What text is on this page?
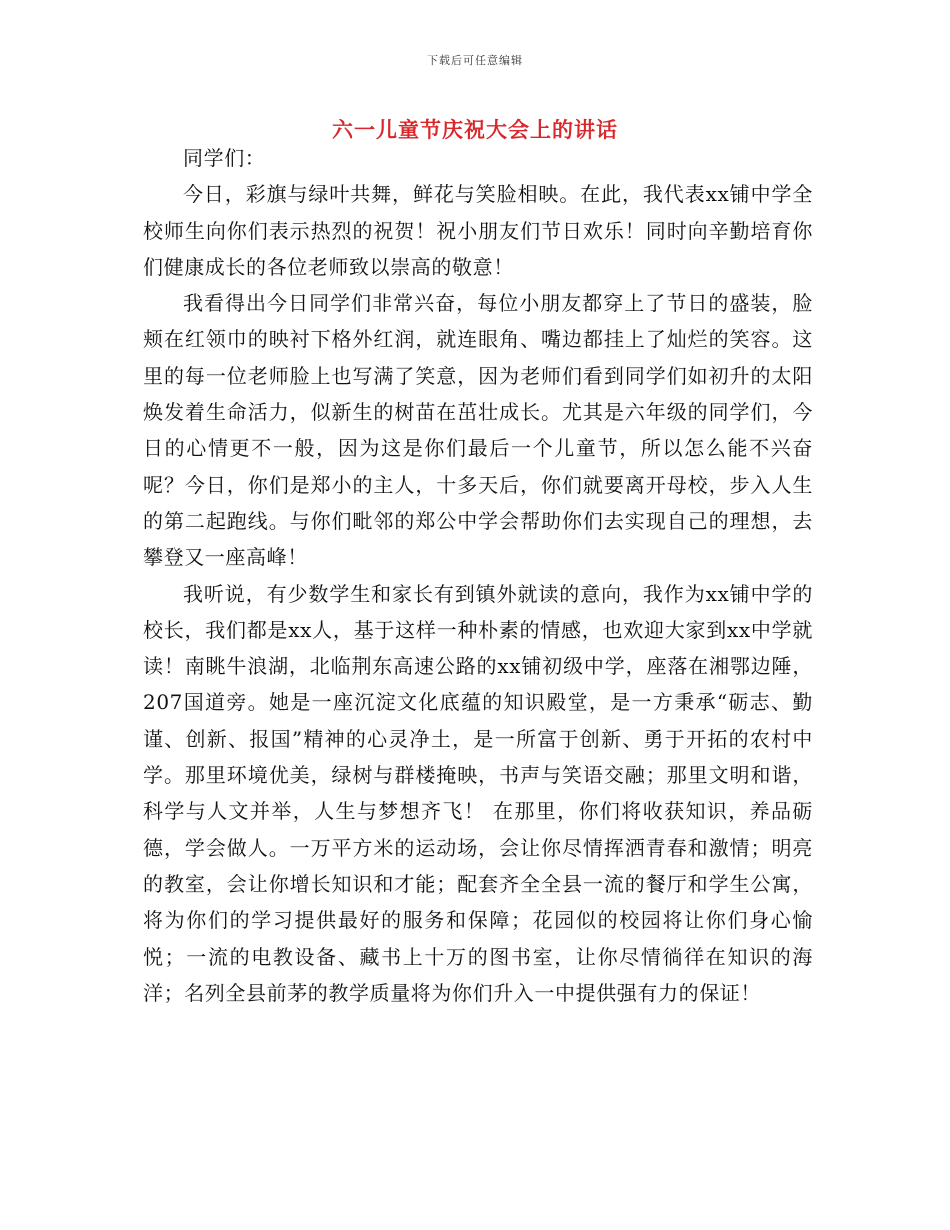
下载后可任意编辑
六一儿童节庆祝大会上的讲话

同学们：

今日，彩旗与绿叶共舞，鲜花与笑脸相映。在此，我代表xx铺中学全校师生向你们表示热烈的祝贺！祝小朋友们节日欢乐！同时向辛勤培育你们健康成长的各位老师致以崇高的敬意！

我看得出今日同学们非常兴奋，每位小朋友都穿上了节日的盛装，脸颊在红领巾的映衬下格外红润，就连眼角、嘴边都挂上了灿烂的笑容。这里的每一位老师脸上也写满了笑意，因为老师们看到同学们如初升的太阳焕发着生命活力，似新生的树苗在茁壮成长。尤其是六年级的同学们，今日的心情更不一般，因为这是你们最后一个儿童节，所以怎么能不兴奋呢？今日，你们是郑小的主人，十多天后，你们就要离开母校，步入人生的第二起跑线。与你们毗邻的郑公中学会帮助你们去实现自己的理想，去攀登又一座高峰！

我听说，有少数学生和家长有到镇外就读的意向，我作为xx铺中学的校长，我们都是xx人，基于这样一种朴素的情感，也欢迎大家到xx中学就读！南眺牛浪湖，北临荆东高速公路的xx铺初级中学，座落在湘鄂边陲，207国道旁。她是一座沉淀文化底蕴的知识殿堂，是一方秉承“砺志、勤谨、创新、报国”精神的心灵净土，是一所富于创新、勇于开拓的农村中学。那里环境优美，绿树与群楼掩映，书声与笑语交融；那里文明和谐，科学与人文并举，人生与梦想齐飞！ 在那里，你们将收获知识，养品砺德，学会做人。一万平方米的运动场，会让你尽情挥洒青春和激情；明亮的教室，会让你增长知识和才能；配套齐全全县一流的餐厅和学生公寓，将为你们的学习提供最好的服务和保障；花园似的校园将让你们身心愉悦；一流的电教设备、藏书上十万的图书室，让你尽情徜徉在知识的海洋；名列全县前茅的教学质量将为你们升入一中提供强有力的保证！
